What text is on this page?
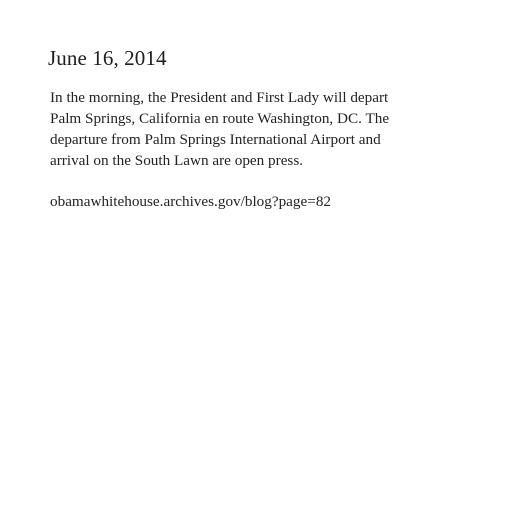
June 16, 2014

In the morning, the President and First Lady will depart
Palm Springs, California en route Washington, DC. The
departure from Palm Springs International Airport and
arrival on the South Lawn are open press.

obamawhitehouse.archives.gov/blog?page=82
